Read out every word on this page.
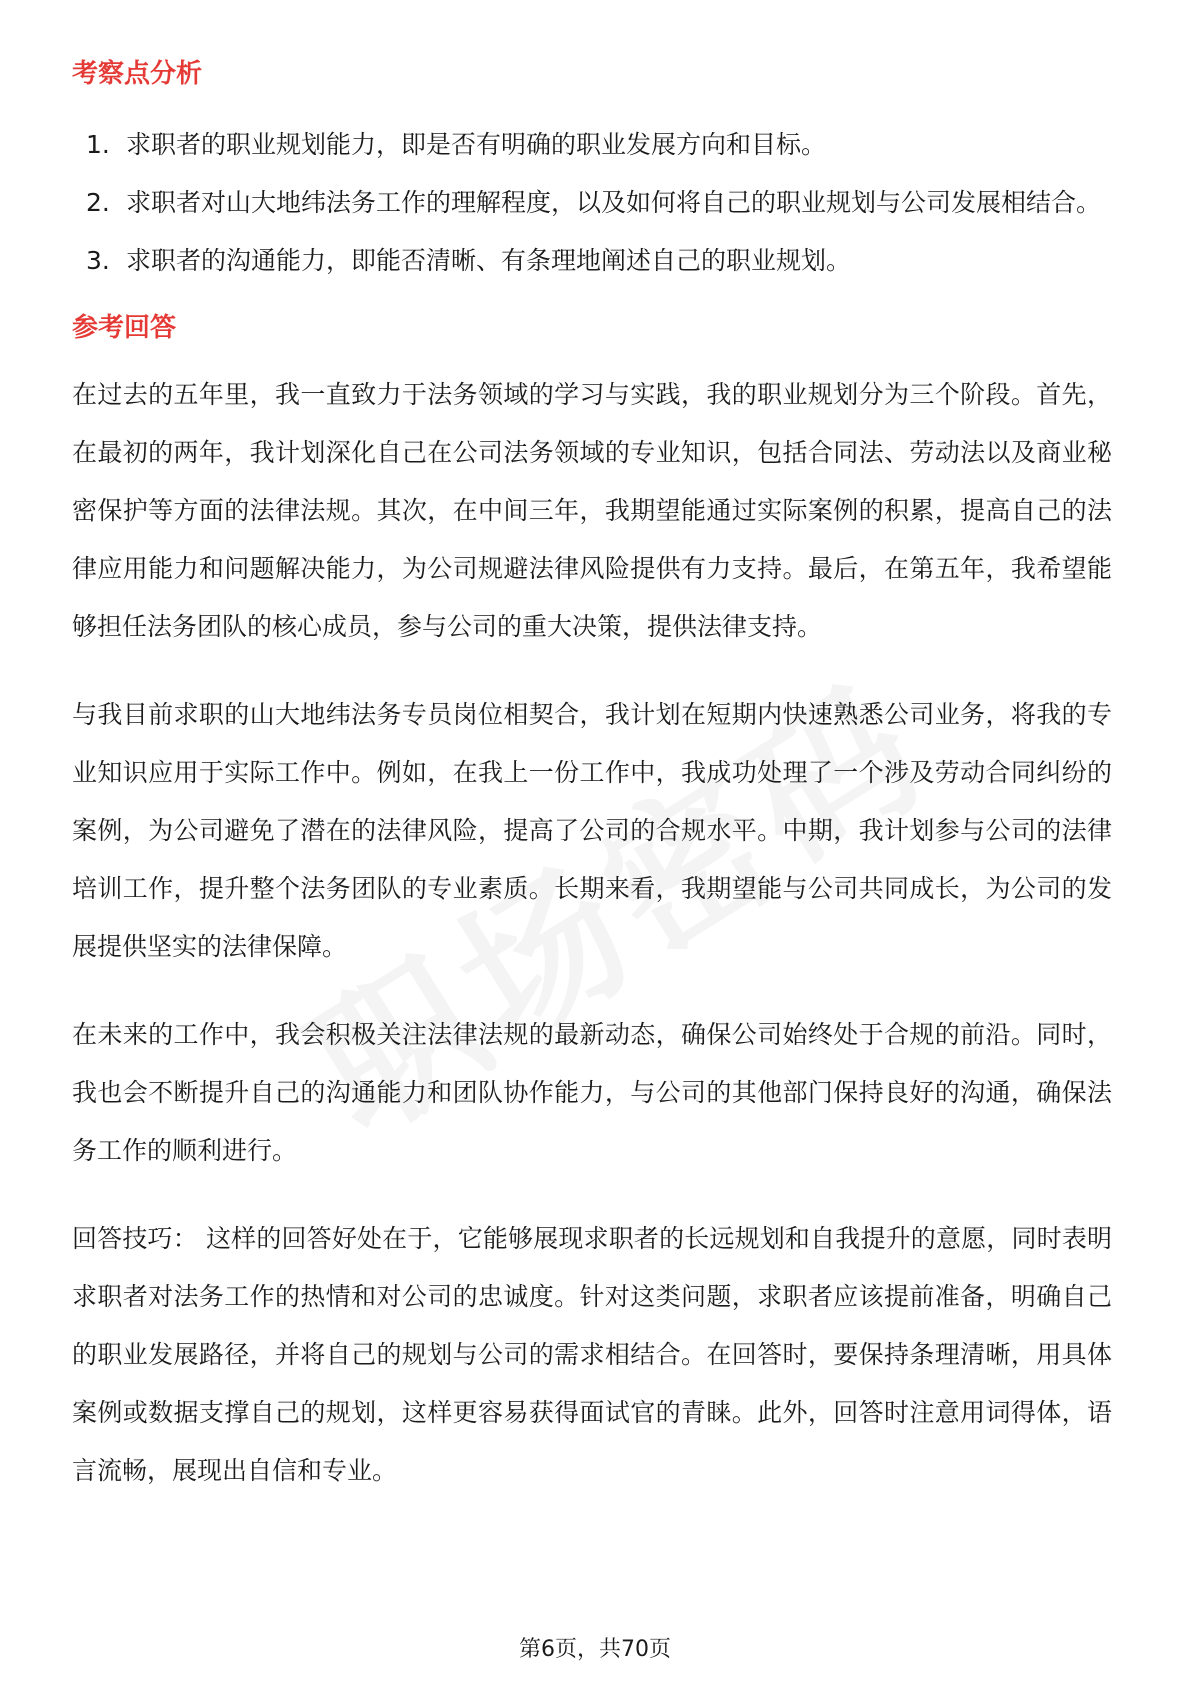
考察点分析
1. 求职者的职业规划能力，即是否有明确的职业发展方向和目标。
2. 求职者对山大地纬法务工作的理解程度，以及如何将自己的职业规划与公司发展相结合。
3. 求职者的沟通能力，即能否清晰、有条理地阐述自己的职业规划。
参考回答

在过去的五年里，我一直致力于法务领域的学习与实践，我的职业规划分为三个阶段。首先，在最初的两年，我计划深化自己在公司法务领域的专业知识，包括合同法、劳动法以及商业秘密保护等方面的法律法规。其次，在中间三年，我期望能通过实际案例的积累，提高自己的法律应用能力和问题解决能力，为公司规避法律风险提供有力支持。最后，在第五年，我希望能够担任法务团队的核心成员，参与公司的重大决策，提供法律支持。

与我目前求职的山大地纬法务专员岗位相契合，我计划在短期内快速熟悉公司业务，将我的专业知识应用于实际工作中。例如，在我上一份工作中，我成功处理了一个涉及劳动合同纠纷的案例，为公司避免了潜在的法律风险，提高了公司的合规水平。中期，我计划参与公司的法律培训工作，提升整个法务团队的专业素质。长期来看，我期望能与公司共同成长，为公司的发展提供坚实的法律保障。

在未来的工作中，我会积极关注法律法规的最新动态，确保公司始终处于合规的前沿。同时，我也会不断提升自己的沟通能力和团队协作能力，与公司的其他部门保持良好的沟通，确保法务工作的顺利进行。

回答技巧： 这样的回答好处在于，它能够展现求职者的长远规划和自我提升的意愿，同时表明求职者对法务工作的热情和对公司的忠诚度。针对这类问题，求职者应该提前准备，明确自己的职业发展路径，并将自己的规划与公司的需求相结合。在回答时，要保持条理清晰，用具体案例或数据支撑自己的规划，这样更容易获得面试官的青睐。此外，回答时注意用词得体，语言流畅，展现出自信和专业。

第6页，共70页
